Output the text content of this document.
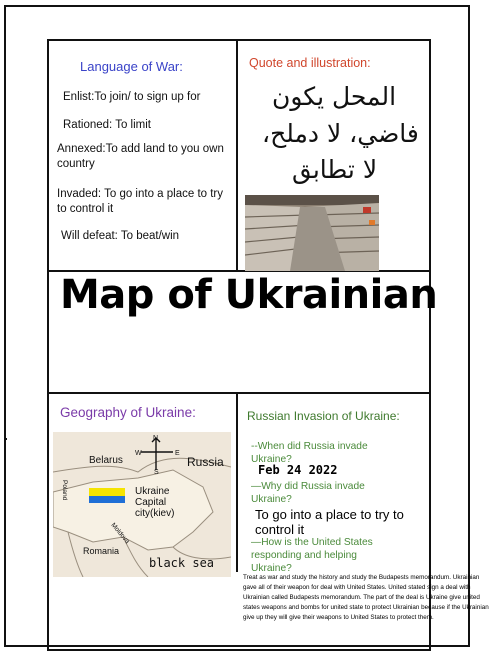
Language of War:
Enlist:To join/ to sign up for
Rationed: To limit
Annexed:To add land to you own country
Invaded: To go into a place to try to control it
Will defeat: To beat/win
Quote and illustration:
المحل يكون
فاضي، لا دملح،
لا تطابق
Map of Ukrainian
Geography of Ukraine:
N
S
E
W
Belarus	Russia
Poland	Ukraine
Capital
city(kiev)
Moldova
Romania
black sea
Russian Invasion of Ukraine:
--When did Russia invade Ukraine?
Feb 24 2022
—Why did Russia invade Ukraine?
To go into a place to try to control it
—How is the United States responding and helping Ukraine?
Treat as war and study the history and study the Budapests memorandum. Ukrainian gave all of their weapon for deal with United States. United stated sign a deal with Ukrainian called Budapests memorandum. The part of the deal is Ukraine give united states weapons and bombs for united state to protect Ukrainian because if the Ukrainian give up they will give their weapons to United States to protect them.
